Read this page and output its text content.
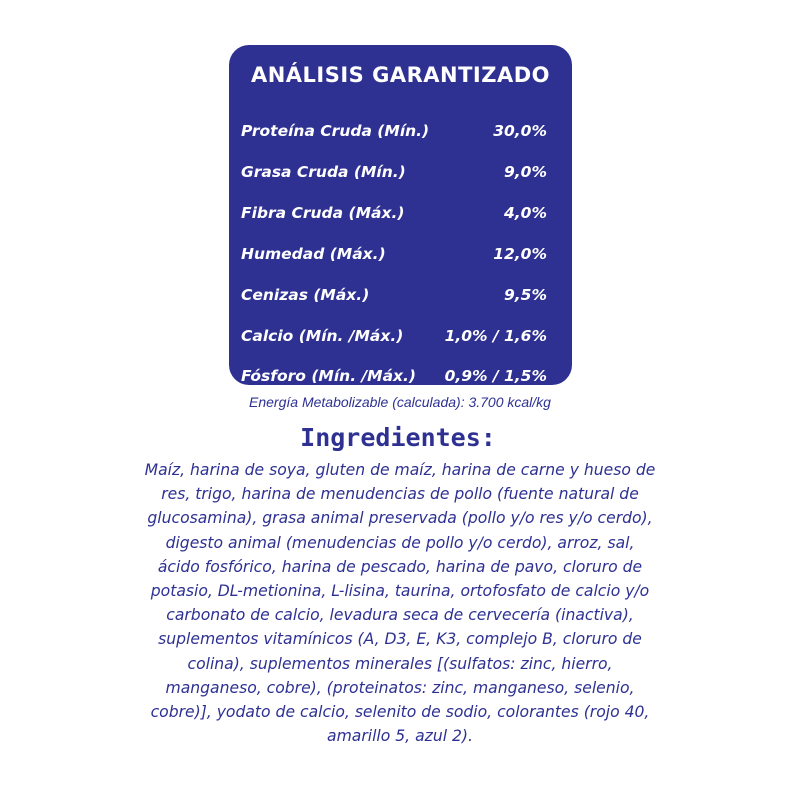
ANÁLISIS GARANTIZADO
Proteína Cruda (Mín.)	30,0%
Grasa Cruda (Mín.)	9,0%
Fibra Cruda (Máx.)	4,0%
Humedad (Máx.)	12,0%
Cenizas (Máx.)	9,5%
Calcio (Mín. /Máx.)	1,0% / 1,6%
Fósforo (Mín. /Máx.) 0,9% / 1,5%
Energía Metabolizable (calculada): 3.700 kcal/kg
Ingredientes:
Maíz, harina de soya, gluten de maíz, harina de carne y hueso de
res, trigo, harina de menudencias de pollo (fuente natural de
glucosamina), grasa animal preservada (pollo y/o res y/o cerdo),
digesto animal (menudencias de pollo y/o cerdo), arroz, sal,
ácido fosfórico, harina de pescado, harina de pavo, cloruro de
potasio, DL-metionina, L-lisina, taurina, ortofosfato de calcio y/o
carbonato de calcio, levadura seca de cervecería (inactiva),
suplementos vitamínicos (A, D3, E, K3, complejo B, cloruro de
colina), suplementos minerales [(sulfatos: zinc, hierro,
manganeso, cobre), (proteinatos: zinc, manganeso, selenio,
cobre)], yodato de calcio, selenito de sodio, colorantes (rojo 40,
amarillo 5, azul 2).
